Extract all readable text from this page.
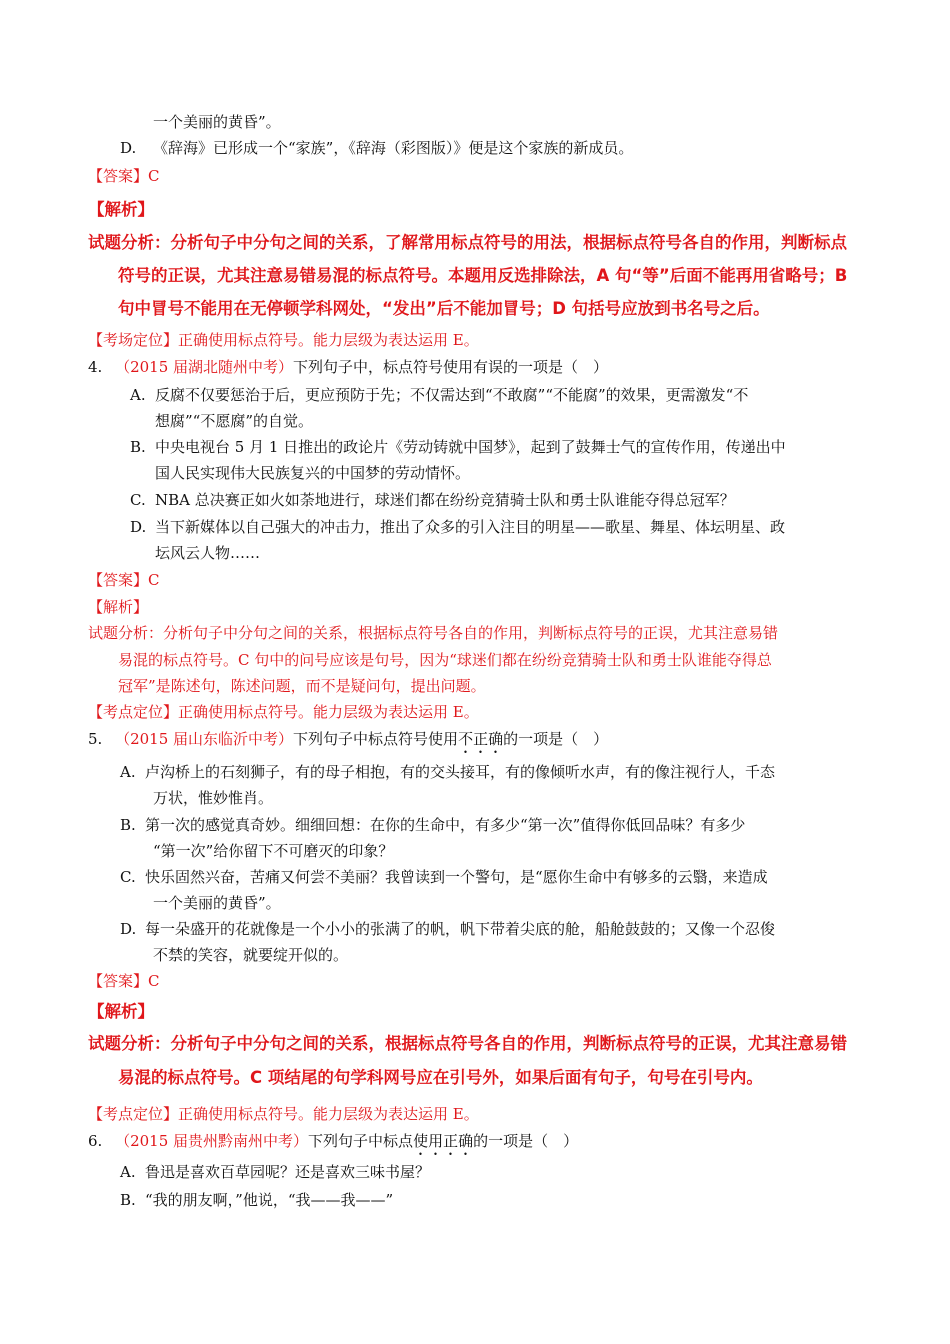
一个美丽的黄昏”。
D. 《辞海》已形成一个“家族”，《辞海（彩图版）》便是这个家族的新成员。
【答案】C
【解析】
试题分析：分析句子中分句之间的关系，了解常用标点符号的用法，根据标点符号各自的作用，判断标点
符号的正误，尤其注意易错易混的标点符号。本题用反选排除法，A 句“等”后面不能再用省略号；B
句中冒号不能用在无停顿学科网处，“发出”后不能加冒号；D 句括号应放到书名号之后。
【考场定位】正确使用标点符号。能力层级为表达运用 E。
4. （2015 届湖北随州中考）下列句子中，标点符号使用有误的一项是（　）
A. 反腐不仅要惩治于后，更应预防于先；不仅需达到“不敢腐”“不能腐”的效果，更需激发“不
想腐”“不愿腐”的自觉。
B. 中央电视台 5 月 1 日推出的政论片《劳动铸就中国梦》，起到了鼓舞士气的宣传作用，传递出中
国人民实现伟大民族复兴的中国梦的劳动情怀。
C. NBA 总决赛正如火如荼地进行，球迷们都在纷纷竞猜骑士队和勇士队谁能夺得总冠军？
D. 当下新媒体以自己强大的冲击力，推出了众多的引入注目的明星——歌星、舞星、体坛明星、政
坛风云人物……
【答案】C
【解析】
试题分析：分析句子中分句之间的关系，根据标点符号各自的作用，判断标点符号的正误，尤其注意易错
易混的标点符号。C 句中的问号应该是句号，因为“球迷们都在纷纷竞猜骑士队和勇士队谁能夺得总
冠军”是陈述句，陈述问题，而不是疑问句，提出问题。
【考点定位】正确使用标点符号。能力层级为表达运用 E。
5. （2015 届山东临沂中考）下列句子中标点符号使用不正确的一项是（　）
A. 卢沟桥上的石刻狮子，有的母子相抱，有的交头接耳，有的像倾听水声，有的像注视行人，千态
万状，惟妙惟肖。
B. 第一次的感觉真奇妙。细细回想：在你的生命中，有多少“第一次”值得你低回品味？有多少
“第一次”给你留下不可磨灭的印象？
C. 快乐固然兴奋，苦痛又何尝不美丽？我曾读到一个警句，是“愿你生命中有够多的云翳，来造成
一个美丽的黄昏”。
D. 每一朵盛开的花就像是一个小小的张满了的帆，帆下带着尖底的舱，船舱鼓鼓的；又像一个忍俊
不禁的笑容，就要绽开似的。
【答案】C
【解析】
试题分析：分析句子中分句之间的关系，根据标点符号各自的作用，判断标点符号的正误，尤其注意易错
易混的标点符号。C 项结尾的句学科网号应在引号外，如果后面有句子，句号在引号内。
【考点定位】正确使用标点符号。能力层级为表达运用 E。
6. （2015 届贵州黔南州中考）下列句子中标点使用正确的一项是（　）
A. 鲁迅是喜欢百草园呢？还是喜欢三味书屋？
B. “我的朋友啊，”他说，“我——我——”
